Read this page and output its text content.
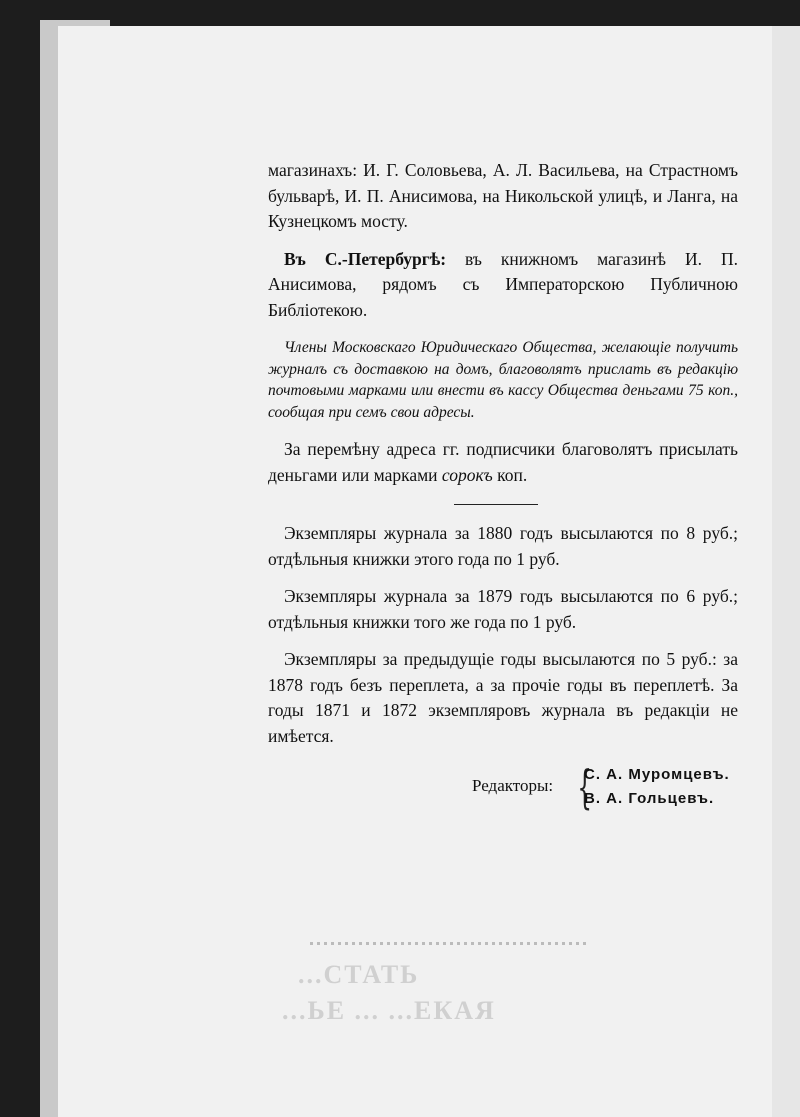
магазинахъ: И. Г. Соловьева, А. Л. Васильева, на Страстномъ бульварѣ, И. П. Анисимова, на Никольской улицѣ, и Ланга, на Кузнецкомъ мосту.

Въ С.-Петербургѣ: въ книжномъ магазинѣ И. П. Анисимова, рядомъ съ Императорскою Публичною Библіотекою.

Члены Московскаго Юридическаго Общества, желающіе получить журналъ съ доставкою на домъ, благоволятъ прислать въ редакцію почтовыми марками или внести въ кассу Общества деньгами 75 коп., сообщая при семъ свои адресы.

За перемѣну адреса гг. подписчики благоволятъ присылать деньгами или марками сорокъ коп.

Экземпляры журнала за 1880 годъ высылаются по 8 руб.; отдѣльныя книжки этого года по 1 руб.

Экземпляры журнала за 1879 годъ высылаются по 6 руб.; отдѣльныя книжки того же года по 1 руб.

Экземпляры за предыдущіе годы высылаются по 5 руб.: за 1878 годъ безъ переплета, а за прочіе годы въ переплетѣ. За годы 1871 и 1872 экземпляровъ журнала въ редакціи не имѣется.

Редакторы: {
С. А. Муромцевъ.
В. А. Гольцевъ.
...СТАТЬ
...ЬЕ ... ...ЕКАЯ
